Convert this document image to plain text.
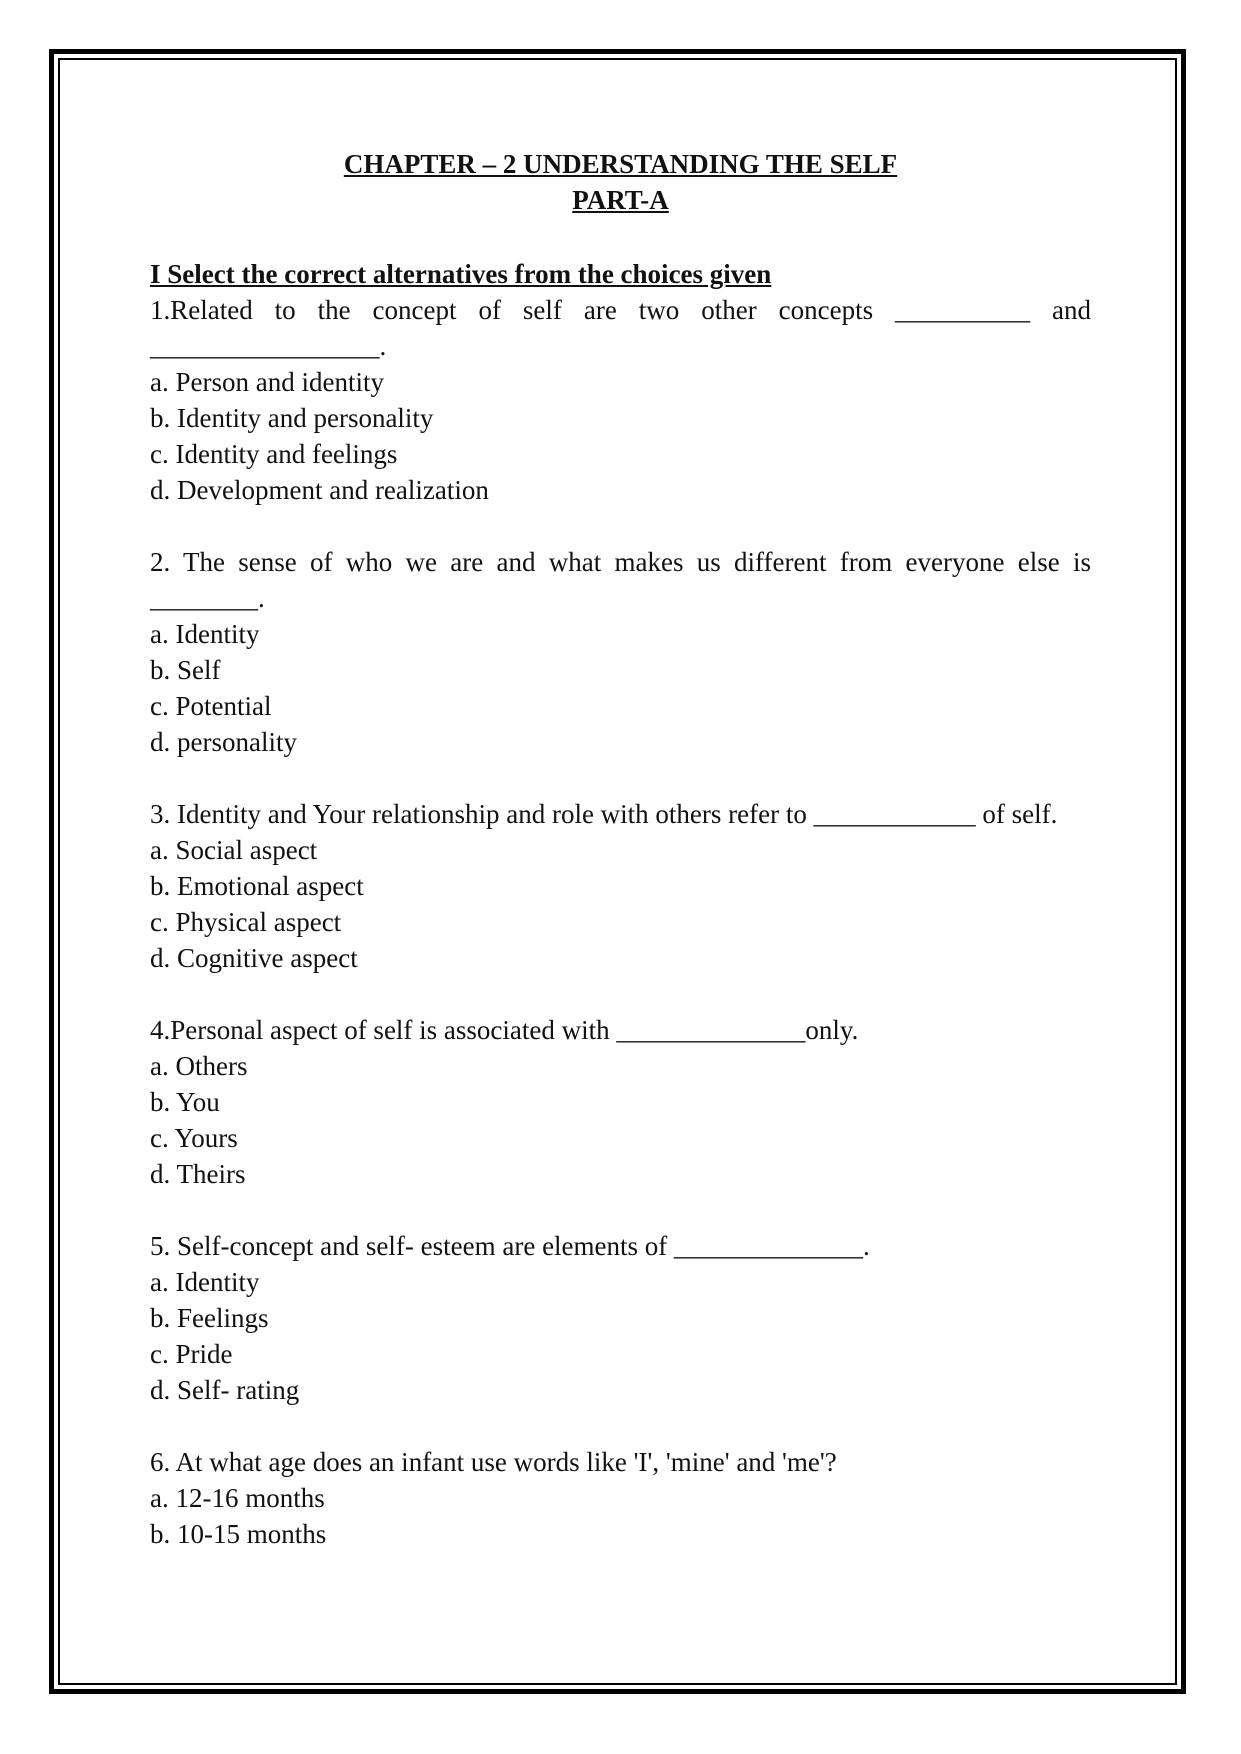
CHAPTER – 2 UNDERSTANDING THE SELF
PART-A
I Select the correct alternatives from the choices given
1.Related to the concept of self are two other concepts __________ and _________________.
a. Person and identity
b. Identity and personality
c. Identity and feelings
d. Development and realization
2. The sense of who we are and what makes us different from everyone else is ________.
a. Identity
b. Self
c. Potential
d. personality
3. Identity and Your relationship and role with others refer to ____________ of self.
a. Social aspect
b. Emotional aspect
c. Physical aspect
d. Cognitive aspect
4.Personal aspect of self is associated with ______________only.
a. Others
b. You
c. Yours
d. Theirs
5. Self-concept and self- esteem are elements of ______________.
a. Identity
b. Feelings
c. Pride
d. Self- rating
6. At what age does an infant use words like 'I', 'mine' and 'me'?
a. 12-16 months
b. 10-15 months
